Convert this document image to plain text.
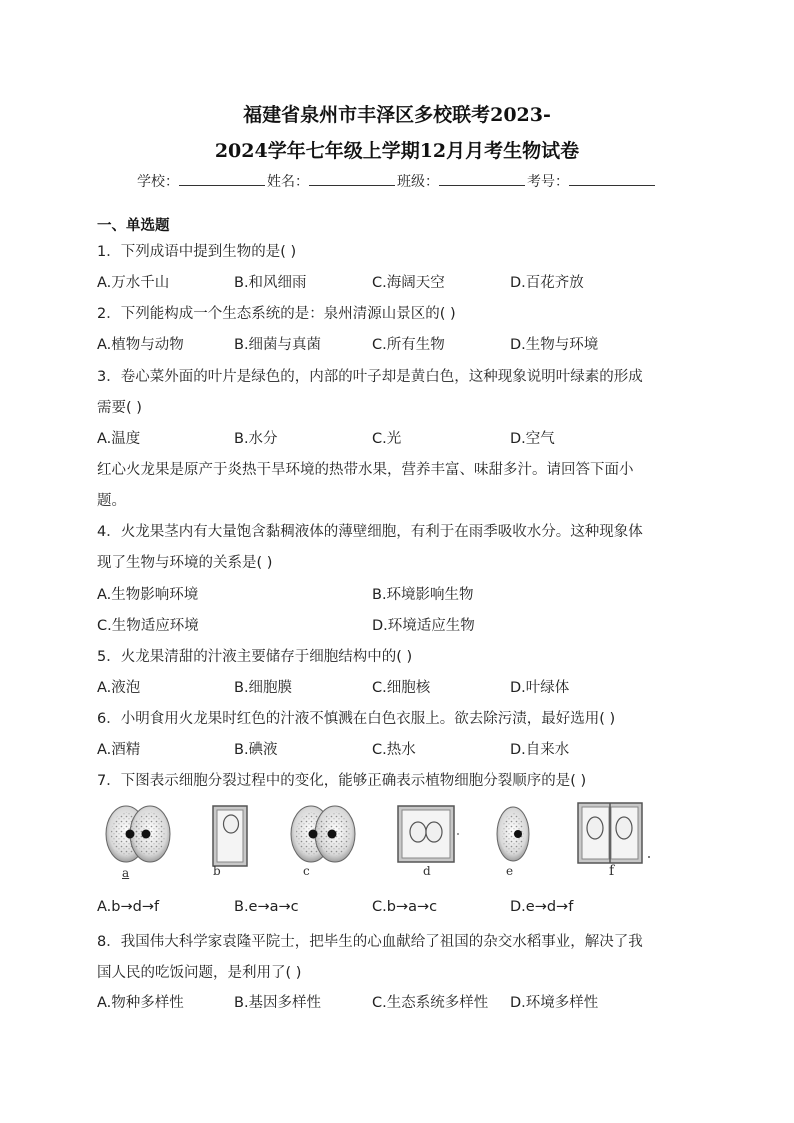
福建省泉州市丰泽区多校联考2023-
2024学年七年级上学期12月月考生物试卷
学校：	姓名：	班级：	考号：
一、单选题
1．下列成语中提到生物的是( )
A.万水千山	B.和风细雨	C.海阔天空	D.百花齐放
2．下列能构成一个生态系统的是：泉州清源山景区的( )
A.植物与动物	B.细菌与真菌	C.所有生物	D.生物与环境
3．卷心菜外面的叶片是绿色的，内部的叶子却是黄白色，这种现象说明叶绿素的形成
需要( )
A.温度	B.水分	C.光	D.空气
红心火龙果是原产于炎热干旱环境的热带水果，营养丰富、味甜多汁。请回答下面小
题。
4．火龙果茎内有大量饱含黏稠液体的薄壁细胞，有利于在雨季吸收水分。这种现象体
现了生物与环境的关系是( )
A.生物影响环境	B.环境影响生物
C.生物适应环境	D.环境适应生物
5．火龙果清甜的汁液主要储存于细胞结构中的( )
A.液泡	B.细胞膜	C.细胞核	D.叶绿体
6．小明食用火龙果时红色的汁液不慎溅在白色衣服上。欲去除污渍，最好选用( )
A.酒精	B.碘液	C.热水	D.自来水
7．下图表示细胞分裂过程中的变化，能够正确表示植物细胞分裂顺序的是( )
a	b	c	d	e	f
A.b→d→f	B.e→a→c	C.b→a→c	D.e→d→f
8．我国伟大科学家袁隆平院士，把毕生的心血献给了祖国的杂交水稻事业，解决了我
国人民的吃饭问题，是利用了( )
A.物种多样性	B.基因多样性	C.生态系统多样性 D.环境多样性
